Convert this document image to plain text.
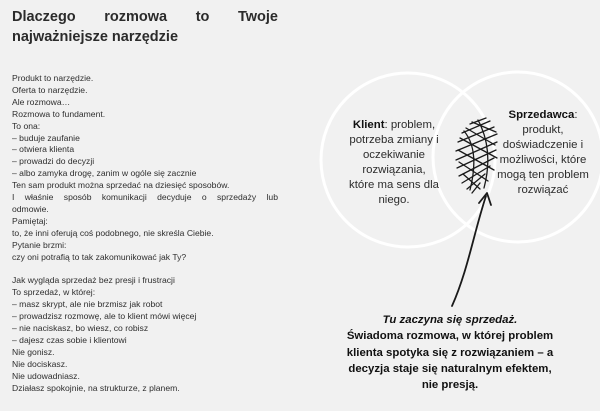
Dlaczego rozmowa to Twoje
najważniejsze narzędzie
Produkt to narzędzie.
Oferta to narzędzie.
Ale rozmowa…
Rozmowa to fundament.
To ona:
– buduje zaufanie
– otwiera klienta
– prowadzi do decyzji
– albo zamyka drogę, zanim w ogóle się zacznie
Ten sam produkt można sprzedać na dziesięć sposobów.
I właśnie sposób komunikacji decyduje o sprzedaży lub
odmowie.
Pamiętaj:
to, że inni oferują coś podobnego, nie skreśla Ciebie.
Pytanie brzmi:
czy oni potrafią to tak zakomunikować jak Ty?
Jak wygląda sprzedaż bez presji i frustracji
To sprzedaż, w której:
– masz skrypt, ale nie brzmisz jak robot
– prowadzisz rozmowę, ale to klient mówi więcej
– nie naciskasz, bo wiesz, co robisz
– dajesz czas sobie i klientowi
Nie gonisz.
Nie dociskasz.
Nie udowadniasz.
Działasz spokojnie, na strukturze, z planem.
Klient: problem,
potrzeba zmiany i
oczekiwanie
rozwiązania,
które ma sens dla
niego.
Sprzedawca:
produkt,
doświadczenie i
możliwości, które
mogą ten problem
rozwiązać
Tu zaczyna się sprzedaż.
Świadoma rozmowa, w której problem
klienta spotyka się z rozwiązaniem – a
decyzja staje się naturalnym efektem,
nie presją.
